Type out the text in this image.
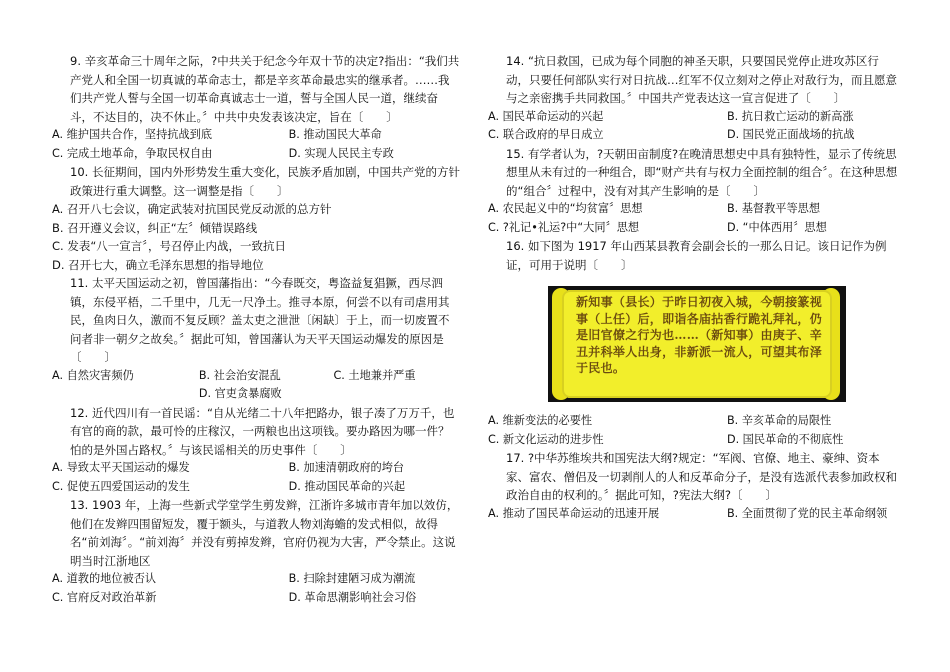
9. 辛亥革命三十周年之际，?中共关于纪念今年双十节的决定?指出：“我们共产党人和全国一切真诚的革命志士，都是辛亥革命最忠实的继承者。……我们共产党人誓与全国一切革命真诚志士一道，誓与全国人民一道，继续奋斗，不达目的，决不休止。〞中共中央发表该决定，旨在〔　　〕

A. 维护国共合作，坚持抗战到底	B. 推动国民大革命
C. 完成土地革命，争取民权自由	D. 实现人民民主专政

10. 长征期间，国内外形势发生重大变化，民族矛盾加剧，中国共产党的方针政策进行重大调整。这一调整是指〔　　〕

A. 召开八七会议，确定武装对抗国民党反动派的总方针
B. 召开遵义会议，纠正“左〞倾错误路线
C. 发表“八一宣言〞，号召停止内战，一致抗日
D. 召开七大，确立毛泽东思想的指导地位

11. 太平天国运动之初，曾国藩指出：“今春既交，粤盗益复猖獗，西尽泗镇，东侵平梧，二千里中，几无一尺净土。推寻本原，何尝不以有司虐用其民，鱼肉日久，激而不复反顾？盖太吏之泄泄〔闲缺〕于上，而一切废置不问者非一朝夕之故矣。〞据此可知，曾国藩认为天平天国运动爆发的原因是〔　　〕

A. 自然灾害频仍	B. 社会治安混乱	C. 土地兼并严重
D. 官吏贪暴腐败

12. 近代四川有一首民谣：“自从光绪二十八年把路办，银子凑了万万千，也有官的商的款，最可怜的庄稼汉，一两粮也出这项钱。要办路因为哪一件？怕的是外国占路权。〞与该民谣相关的历史事件〔　　〕

A. 导致太平天国运动的爆发	B. 加速清朝政府的垮台
C. 促使五四爱国运动的发生	D. 推动国民革命的兴起

13. 1903 年，上海一些新式学堂学生剪发辫，江浙许多城市青年加以效仿，他们在发辫四围留短发，覆于额头，与道教人物刘海蟾的发式相似，故得名“前刘海〞。“前刘海〞并没有剪掉发辫，官府仍视为大害，严令禁止。这说明当时江浙地区

A. 道教的地位被否认	B. 扫除封建陋习成为潮流
C. 官府反对政治革新	D. 革命思潮影响社会习俗

14. “抗日救国，已成为每个同胞的神圣天职，只要国民党停止进攻苏区行动，只要任何部队实行对日抗战…红军不仅立刻对之停止对敌行为，而且愿意与之亲密携手共同救国。〞中国共产党表达这一宣言促进了〔　　〕

A. 国民革命运动的兴起	B. 抗日救亡运动的新高涨
C. 联合政府的早日成立	D. 国民党正面战场的抗战

15. 有学者认为，?天朝田亩制度?在晚清思想史中具有独特性，显示了传统思想里从未有过的一种组合，即“财产共有与权力全面控制的组合〞。在这种思想的“组合〞过程中，没有对其产生影响的是〔　　〕

A. 农民起义中的“均贫富〞思想	B. 基督教平等思想
C. ?礼记•礼运?中“大同〞思想	D. “中体西用〞思想

16. 如下图为 1917 年山西某县教育会副会长的一那么日记。该日记作为例证，可用于说明〔　　〕

新知事（县长）于昨日初夜入城，今朝接篆视事（上任）后，即诣各庙拈香行跪礼拜礼，仍是旧官僚之行为也……（新知事）由庚子、辛丑并科举人出身，非新派一流人，可望其布泽于民也。
A. 维新变法的必要性	B. 辛亥革命的局限性
C. 新文化运动的进步性	D. 国民革命的不彻底性

17. ?中华苏维埃共和国宪法大纲?规定：“军阀、官僚、地主、豪绅、资本家、富农、僧侣及一切剥削人的人和反革命分子，是没有选派代表参加政权和政治自由的权利的。〞据此可知，?宪法大纲?〔　　〕

A. 推动了国民革命运动的迅速开展	B. 全面贯彻了党的民主革命纲领
